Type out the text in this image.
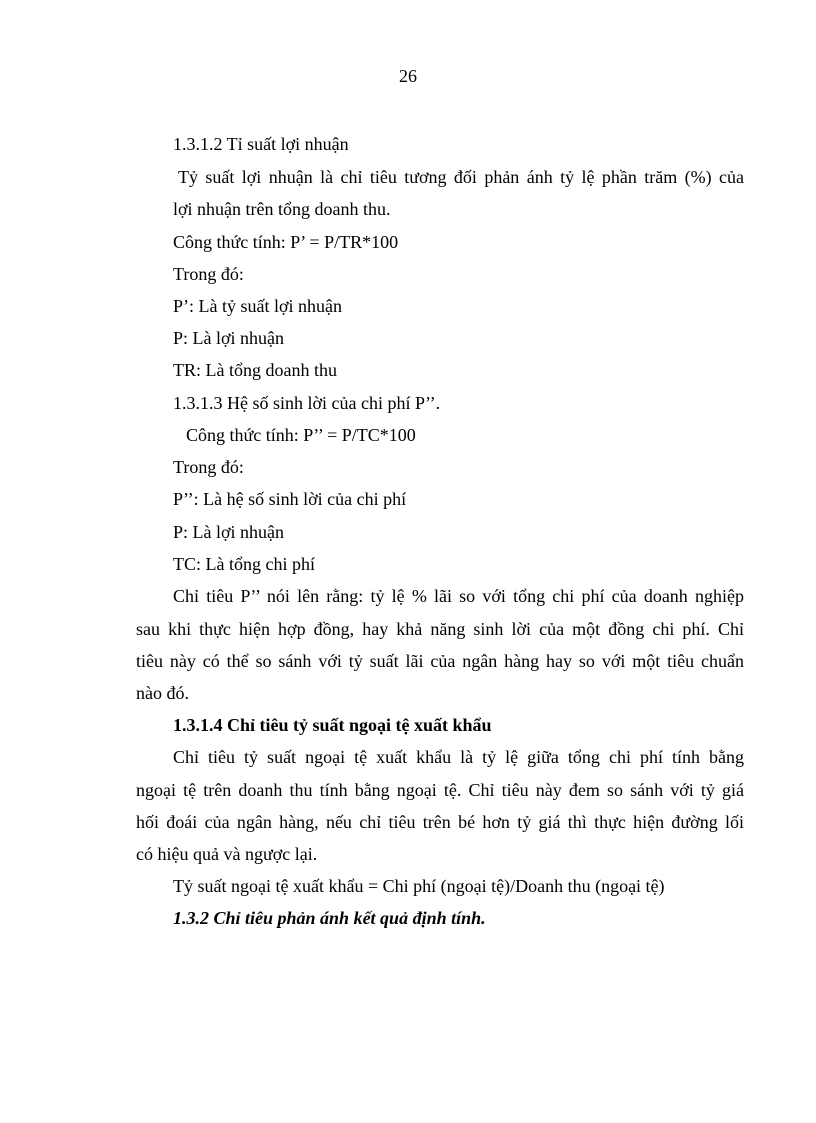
26
1.3.1.2 Tỉ suất lợi nhuận
Tỷ suất lợi nhuận là chỉ tiêu tương đối phản ánh tỷ lệ phần trăm (%) của
lợi nhuận trên tổng doanh thu.
Công thức tính: P’ = P/TR*100
Trong đó:
P’: Là tỷ suất lợi nhuận
P: Là lợi nhuận
TR: Là tổng doanh thu
1.3.1.3 Hệ số sinh lời của chi phí P’’.
Công thức tính: P’’ = P/TC*100
Trong đó:
P’’: Là hệ số sinh lời của chi phí
P: Là lợi nhuận
TC: Là tổng chi phí
Chỉ tiêu P’’ nói lên rằng: tỷ lệ % lãi so với tổng chi phí của doanh nghiệp
sau khi thực hiện hợp đồng, hay khả năng sinh lời của một đồng chi phí. Chỉ
tiêu này có thể so sánh với tỷ suất lãi của ngân hàng hay so với một tiêu chuẩn
nào đó.
1.3.1.4 Chỉ tiêu tỷ suất ngoại tệ xuất khẩu
Chỉ tiêu tỷ suất ngoại tệ xuất khẩu là tỷ lệ giữa tổng chi phí tính bằng
ngoại tệ trên doanh thu tính bằng ngoại tệ. Chỉ tiêu này đem so sánh với tỷ giá
hối đoái của ngân hàng, nếu chỉ tiêu trên bé hơn tỷ giá thì thực hiện đường lối
có hiệu quả và ngược lại.
Tỷ suất ngoại tệ xuất khẩu = Chi phí (ngoại tệ)/Doanh thu (ngoại tệ)
1.3.2 Chỉ tiêu phản ánh kết quả định tính.
